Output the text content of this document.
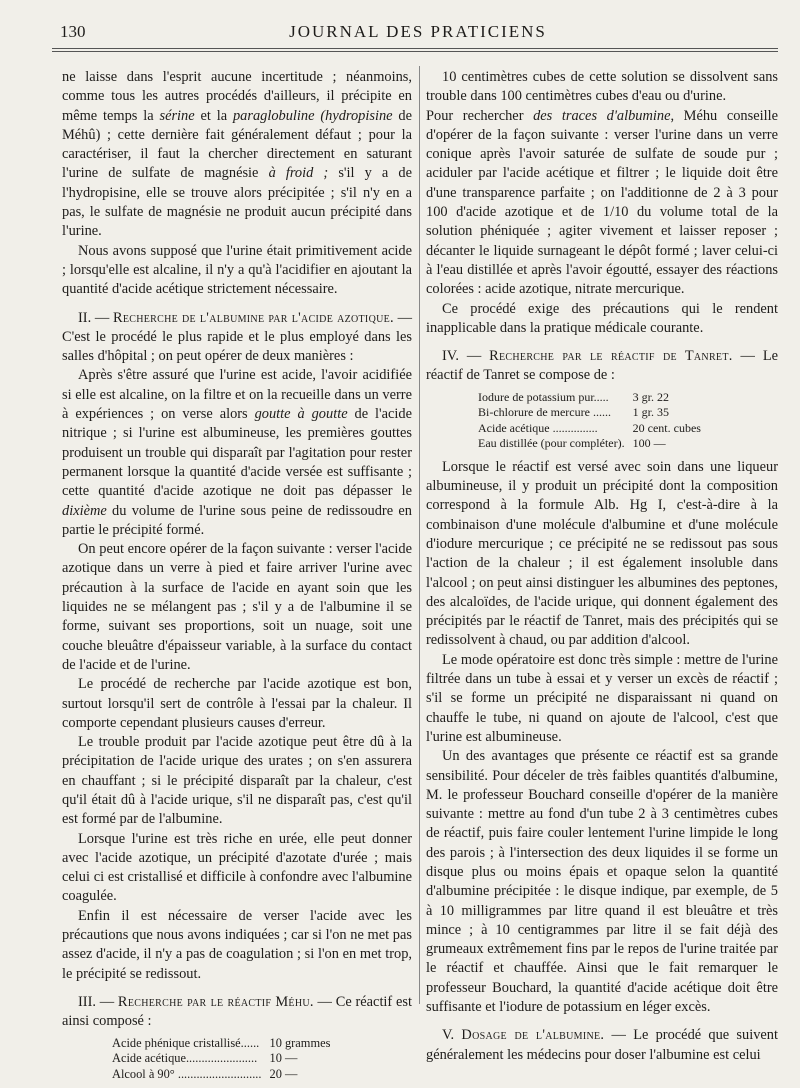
130	JOURNAL DES PRATICIENS

ne laisse dans l'esprit aucune incertitude ; néanmoins, comme tous les autres procédés d'ailleurs, il précipite en même temps la sérine et la paraglobuline (hydropisine de Méhû) ; cette dernière fait généralement défaut ; pour la caractériser, il faut la chercher directement en saturant l'urine de sulfate de magnésie à froid ; s'il y a de l'hydropisine, elle se trouve alors précipitée ; s'il n'y en a pas, le sulfate de magnésie ne produit aucun précipité dans l'urine.

Nous avons supposé que l'urine était primitivement acide ; lorsqu'elle est alcaline, il n'y a qu'à l'acidifier en ajoutant la quantité d'acide acétique strictement nécessaire.

II. — Recherche de l'albumine par l'acide azotique. — C'est le procédé le plus rapide et le plus employé dans les salles d'hôpital ; on peut opérer de deux manières :

Après s'être assuré que l'urine est acide, l'avoir acidifiée si elle est alcaline, on la filtre et on la recueille dans un verre à expériences ; on verse alors goutte à goutte de l'acide nitrique ; si l'urine est albumineuse, les premières gouttes produisent un trouble qui disparaît par l'agitation pour rester permanent lorsque la quantité d'acide versée est suffisante ; cette quantité d'acide azotique ne doit pas dépasser le dixième du volume de l'urine sous peine de redissoudre en partie le précipité formé.

On peut encore opérer de la façon suivante : verser l'acide azotique dans un verre à pied et faire arriver l'urine avec précaution à la surface de l'acide en ayant soin que les liquides ne se mélangent pas ; s'il y a de l'albumine il se forme, suivant ses proportions, soit un nuage, soit une couche bleuâtre d'épaisseur variable, à la surface du contact de l'acide et de l'urine.

Le procédé de recherche par l'acide azotique est bon, surtout lorsqu'il sert de contrôle à l'essai par la chaleur. Il comporte cependant plusieurs causes d'erreur.

Le trouble produit par l'acide azotique peut être dû à la précipitation de l'acide urique des urates ; on s'en assurera en chauffant ; si le précipité disparaît par la chaleur, c'est qu'il était dû à l'acide urique, s'il ne disparaît pas, c'est qu'il est formé par de l'albumine.

Lorsque l'urine est très riche en urée, elle peut donner avec l'acide azotique, un précipité d'azotate d'urée ; mais celui ci est cristallisé et difficile à confondre avec l'albumine coagulée.

Enfin il est nécessaire de verser l'acide avec les précautions que nous avons indiquées ; car si l'on ne met pas assez d'acide, il n'y a pas de coagulation ; si l'on en met trop, le précipité se redissout.

III. — Recherche par le réactif Méhu. — Ce réactif est ainsi composé :

Acide phénique cristallisé......	10 grammes
Acide acétique.......................	10 —
Alcool à 90° ...........................	20 —

10 centimètres cubes de cette solution se dissolvent sans trouble dans 100 centimètres cubes d'eau ou d'urine.

Pour rechercher des traces d'albumine, Méhu conseille d'opérer de la façon suivante : verser l'urine dans un verre conique après l'avoir saturée de sulfate de soude pur ; aciduler par l'acide acétique et filtrer ; le liquide doit être d'une transparence parfaite ; on l'additionne de 2 à 3 pour 100 d'acide azotique et de 1/10 du volume total de la solution phéniquée ; agiter vivement et laisser reposer ; décanter le liquide surnageant le dépôt formé ; laver celui-ci à l'eau distillée et après l'avoir égoutté, essayer des réactions colorées : acide azotique, nitrate mercurique.

Ce procédé exige des précautions qui le rendent inapplicable dans la pratique médicale courante.

IV. — Recherche par le réactif de Tanret. — Le réactif de Tanret se compose de :

Iodure de potassium pur.....	3 gr. 22
Bi-chlorure de mercure ......	1 gr. 35
Acide acétique ...............	20 cent. cubes
Eau distillée (pour compléter).	100 —

Lorsque le réactif est versé avec soin dans une liqueur albumineuse, il y produit un précipité dont la composition correspond à la formule Alb. Hg I, c'est-à-dire à la combinaison d'une molécule d'albumine et d'une molécule d'iodure mercurique ; ce précipité ne se redissout pas sous l'action de la chaleur ; il est également insoluble dans l'alcool ; on peut ainsi distinguer les albumines des peptones, des alcaloïdes, de l'acide urique, qui donnent également des précipités par le réactif de Tanret, mais des précipités qui se redissolvent à chaud, ou par addition d'alcool.

Le mode opératoire est donc très simple : mettre de l'urine filtrée dans un tube à essai et y verser un excès de réactif ; s'il se forme un précipité ne disparaissant ni quand on chauffe le tube, ni quand on ajoute de l'alcool, c'est que l'urine est albumineuse.

Un des avantages que présente ce réactif est sa grande sensibilité. Pour déceler de très faibles quantités d'albumine, M. le professeur Bouchard conseille d'opérer de la manière suivante : mettre au fond d'un tube 2 à 3 centimètres cubes de réactif, puis faire couler lentement l'urine limpide le long des parois ; à l'intersection des deux liquides il se forme un disque plus ou moins épais et opaque selon la quantité d'albumine précipitée : le disque indique, par exemple, de 5 à 10 milligrammes par litre quand il est bleuâtre et très mince ; à 10 centigrammes par litre il se fait déjà des grumeaux extrêmement fins par le repos de l'urine traitée par le réactif et chauffée. Ainsi que le fait remarquer le professeur Bouchard, la quantité d'acide acétique doit être suffisante et l'iodure de potassium en léger excès.

V. Dosage de l'albumine. — Le procédé que suivent généralement les médecins pour doser l'albumine est celui
